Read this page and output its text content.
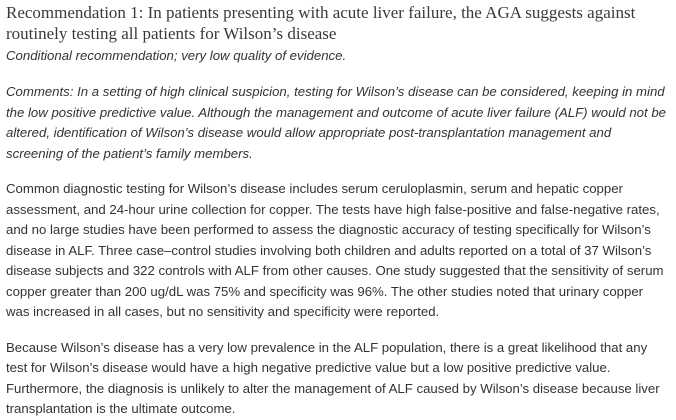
Recommendation 1: In patients presenting with acute liver failure, the AGA suggests against routinely testing all patients for Wilson’s disease

Conditional recommendation; very low quality of evidence.

Comments: In a setting of high clinical suspicion, testing for Wilson’s disease can be considered, keeping in mind the low positive predictive value. Although the management and outcome of acute liver failure (ALF) would not be altered, identification of Wilson’s disease would allow appropriate post-transplantation management and screening of the patient’s family members.

Common diagnostic testing for Wilson’s disease includes serum ceruloplasmin, serum and hepatic copper assessment, and 24-hour urine collection for copper. The tests have high false-positive and false-negative rates, and no large studies have been performed to assess the diagnostic accuracy of testing specifically for Wilson’s disease in ALF. Three case–control studies involving both children and adults reported on a total of 37 Wilson’s disease subjects and 322 controls with ALF from other causes. One study suggested that the sensitivity of serum copper greater than 200 ug/dL was 75% and specificity was 96%. The other studies noted that urinary copper was increased in all cases, but no sensitivity and specificity were reported.

Because Wilson’s disease has a very low prevalence in the ALF population, there is a great likelihood that any test for Wilson’s disease would have a high negative predictive value but a low positive predictive value. Furthermore, the diagnosis is unlikely to alter the management of ALF caused by Wilson’s disease because liver transplantation is the ultimate outcome.
